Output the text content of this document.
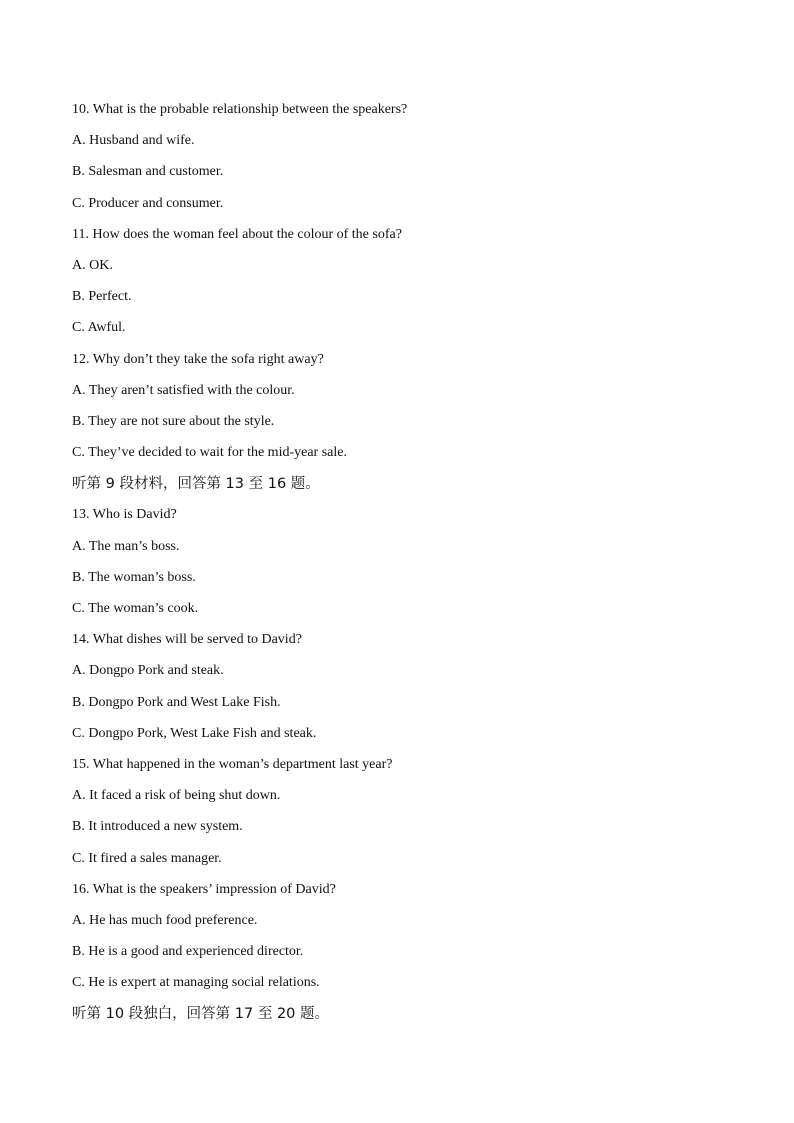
10. What is the probable relationship between the speakers?
A. Husband and wife.
B. Salesman and customer.
C. Producer and consumer.
11. How does the woman feel about the colour of the sofa?
A. OK.
B. Perfect.
C. Awful.
12. Why don’t they take the sofa right away?
A. They aren’t satisfied with the colour.
B. They are not sure about the style.
C. They’ve decided to wait for the mid-year sale.
听第 9 段材料，回答第 13 至 16 题。
13. Who is David?
A. The man’s boss.
B. The woman’s boss.
C. The woman’s cook.
14. What dishes will be served to David?
A. Dongpo Pork and steak.
B. Dongpo Pork and West Lake Fish.
C. Dongpo Pork, West Lake Fish and steak.
15. What happened in the woman’s department last year?
A. It faced a risk of being shut down.
B. It introduced a new system.
C. It fired a sales manager.
16. What is the speakers’ impression of David?
A. He has much food preference.
B. He is a good and experienced director.
C. He is expert at managing social relations.
听第 10 段独白，回答第 17 至 20 题。
